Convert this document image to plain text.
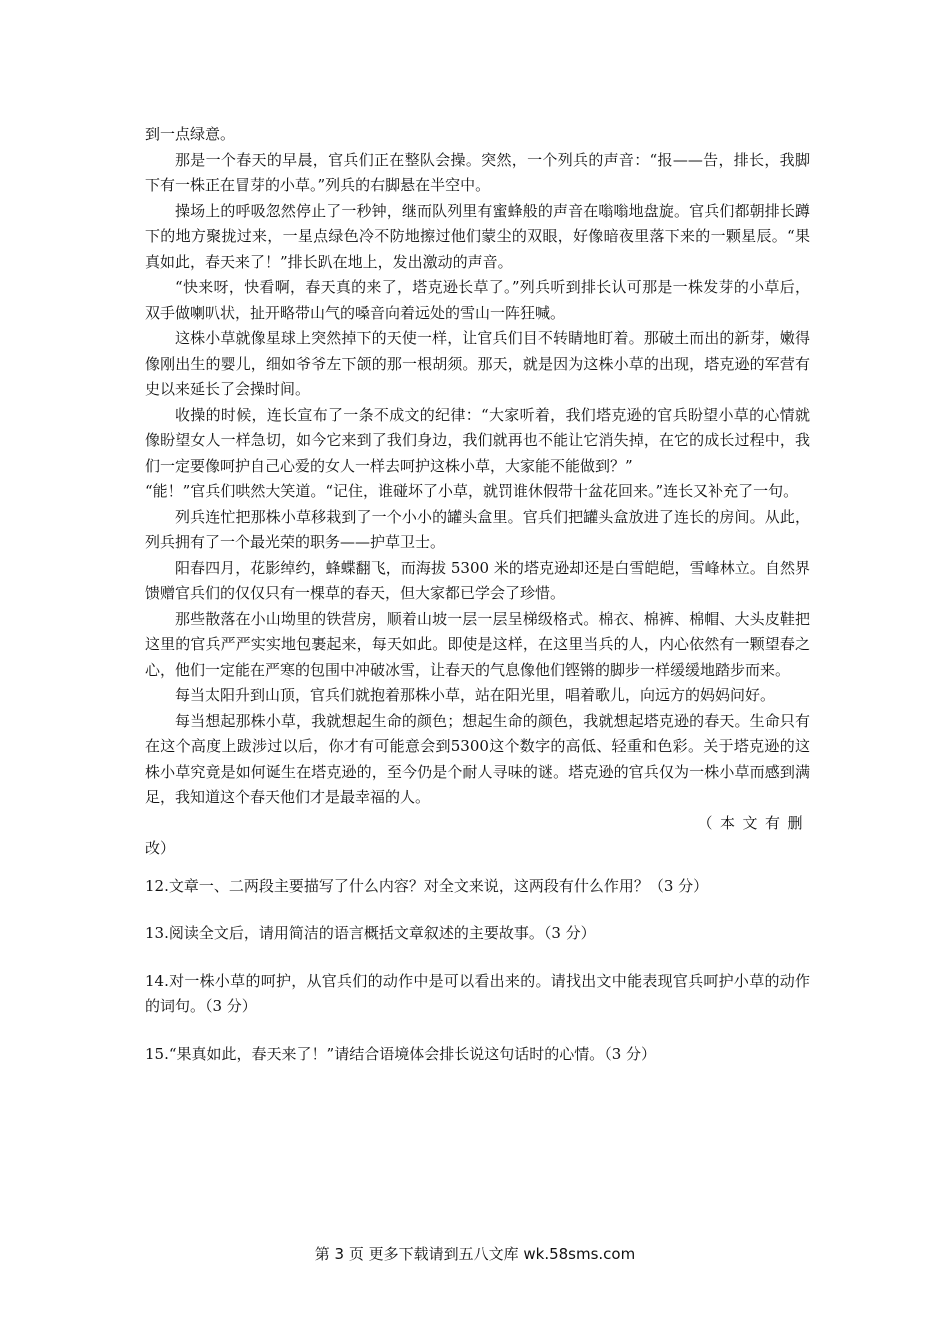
到一点绿意。

那是一个春天的早晨，官兵们正在整队会操。突然，一个列兵的声音：“报——告，排长，我脚下有一株正在冒芽的小草。”列兵的右脚悬在半空中。

操场上的呼吸忽然停止了一秒钟，继而队列里有蜜蜂般的声音在嗡嗡地盘旋。官兵们都朝排长蹲下的地方聚拢过来，一星点绿色冷不防地擦过他们蒙尘的双眼，好像暗夜里落下来的一颗星辰。“果真如此，春天来了！”排长趴在地上，发出激动的声音。

“快来呀，快看啊，春天真的来了，塔克逊长草了。”列兵听到排长认可那是一株发芽的小草后，双手做喇叭状，扯开略带山气的嗓音向着远处的雪山一阵狂喊。

这株小草就像星球上突然掉下的天使一样，让官兵们目不转睛地盯着。那破土而出的新芽，嫩得像刚出生的婴儿，细如爷爷左下颌的那一根胡须。那天，就是因为这株小草的出现，塔克逊的军营有史以来延长了会操时间。

收操的时候，连长宣布了一条不成文的纪律：“大家听着，我们塔克逊的官兵盼望小草的心情就像盼望女人一样急切，如今它来到了我们身边，我们就再也不能让它消失掉，在它的成长过程中，我们一定要像呵护自己心爱的女人一样去呵护这株小草，大家能不能做到？”

“能！”官兵们哄然大笑道。“记住，谁碰坏了小草，就罚谁休假带十盆花回来。”连长又补充了一句。

列兵连忙把那株小草移栽到了一个小小的罐头盒里。官兵们把罐头盒放进了连长的房间。从此，列兵拥有了一个最光荣的职务——护草卫士。

阳春四月，花影绰约，蜂蝶翻飞，而海拔 5300 米的塔克逊却还是白雪皑皑，雪峰林立。自然界馈赠官兵们的仅仅只有一棵草的春天，但大家都已学会了珍惜。

那些散落在小山坳里的铁营房，顺着山坡一层一层呈梯级格式。棉衣、棉裤、棉帽、大头皮鞋把这里的官兵严严实实地包裹起来，每天如此。即使是这样，在这里当兵的人，内心依然有一颗望春之心，他们一定能在严寒的包围中冲破冰雪，让春天的气息像他们铿锵的脚步一样缓缓地踏步而来。

每当太阳升到山顶，官兵们就抱着那株小草，站在阳光里，唱着歌儿，向远方的妈妈问好。

每当想起那株小草，我就想起生命的颜色；想起生命的颜色，我就想起塔克逊的春天。生命只有在这个高度上跋涉过以后，你才有可能意会到5300这个数字的高低、轻重和色彩。关于塔克逊的这株小草究竟是如何诞生在塔克逊的，至今仍是个耐人寻味的谜。塔克逊的官兵仅为一株小草而感到满足，我知道这个春天他们才是最幸福的人。

（本文有删

改）

12.文章一、二两段主要描写了什么内容？对全文来说，这两段有什么作用？（3 分）

13.阅读全文后，请用简洁的语言概括文章叙述的主要故事。（3 分）

14.对一株小草的呵护，从官兵们的动作中是可以看出来的。请找出文中能表现官兵呵护小草的动作的词句。（3 分）

15.“果真如此，春天来了！”请结合语境体会排长说这句话时的心情。（3 分）

第 3 页 更多下载请到五八文库 wk.58sms.com
